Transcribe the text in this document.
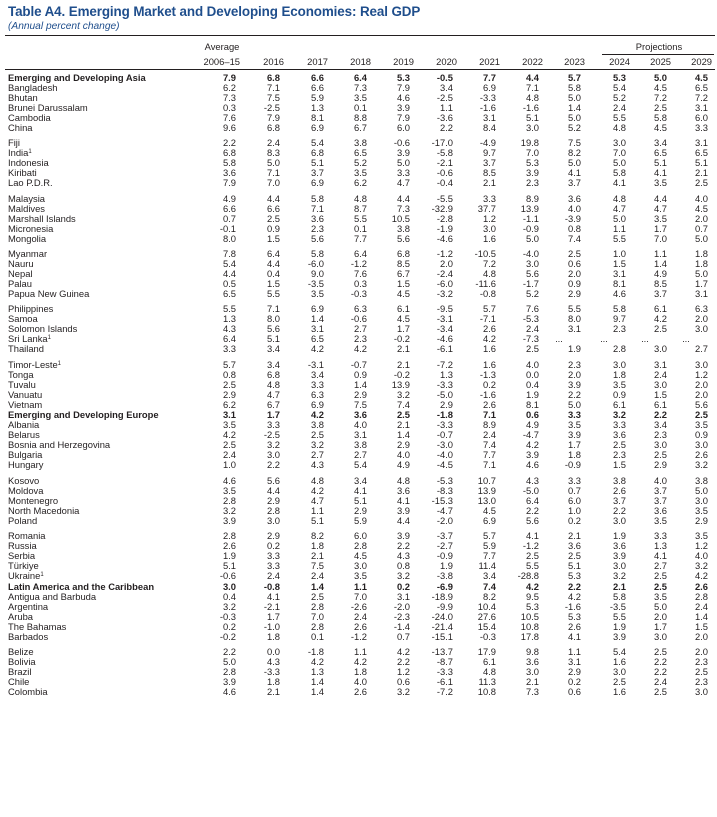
Table A4. Emerging Market and Developing Economies: Real GDP
(Annual percent change)
Average	Projections
2006–15	2016	2017	2018	2019	2020	2021	2022	2023	2024	2025	2029
Emerging and Developing Asia	7.9	6.8	6.6	6.4	5.3	-0.5	7.7	4.4	5.7	5.3	5.0	4.5
Bangladesh	6.2	7.1	6.6	7.3	7.9	3.4	6.9	7.1	5.8	5.4	4.5	6.5
Bhutan	7.3	7.5	5.9	3.5	4.6	-2.5	-3.3	4.8	5.0	5.2	7.2	7.2
Brunei Darussalam	0.3	-2.5	1.3	0.1	3.9	1.1	-1.6	-1.6	1.4	2.4	2.5	3.1
Cambodia	7.6	7.9	8.1	8.8	7.9	-3.6	3.1	5.1	5.0	5.5	5.8	6.0
China	9.6	6.8	6.9	6.7	6.0	2.2	8.4	3.0	5.2	4.8	4.5	3.3
Fiji	2.2	2.4	5.4	3.8	-0.6	-17.0	-4.9	19.8	7.5	3.0	3.4	3.1
India$^1$	6.8	8.3	6.8	6.5	3.9	-5.8	9.7	7.0	8.2	7.0	6.5	6.5
Indonesia	5.8	5.0	5.1	5.2	5.0	-2.1	3.7	5.3	5.0	5.0	5.1	5.1
Kiribati	3.6	7.1	3.7	3.5	3.3	-0.6	8.5	3.9	4.1	5.8	4.1	2.1
Lao P.D.R.	7.9	7.0	6.9	6.2	4.7	-0.4	2.1	2.3	3.7	4.1	3.5	2.5
Malaysia	4.9	4.4	5.8	4.8	4.4	-5.5	3.3	8.9	3.6	4.8	4.4	4.0
Maldives	6.6	6.6	7.1	8.7	7.3	-32.9	37.7	13.9	4.0	4.7	4.7	4.5
Marshall Islands	0.7	2.5	3.6	5.5	10.5	-2.8	1.2	-1.1	-3.9	5.0	3.5	2.0
Micronesia	-0.1	0.9	2.3	0.1	3.8	-1.9	3.0	-0.9	0.8	1.1	1.7	0.7
Mongolia	8.0	1.5	5.6	7.7	5.6	-4.6	1.6	5.0	7.4	5.5	7.0	5.0
Myanmar	7.8	6.4	5.8	6.4	6.8	-1.2	-10.5	-4.0	2.5	1.0	1.1	1.8
Nauru	5.4	4.4	-6.0	-1.2	8.5	2.0	7.2	3.0	0.6	1.5	1.4	1.8
Nepal	4.4	0.4	9.0	7.6	6.7	-2.4	4.8	5.6	2.0	3.1	4.9	5.0
Palau	0.5	1.5	-3.5	0.3	1.5	-6.0	-11.6	-1.7	0.9	8.1	8.5	1.7
Papua New Guinea	6.5	5.5	3.5	-0.3	4.5	-3.2	-0.8	5.2	2.9	4.6	3.7	3.1
Philippines	5.5	7.1	6.9	6.3	6.1	-9.5	5.7	7.6	5.5	5.8	6.1	6.3
Samoa	1.3	8.0	1.4	-0.6	4.5	-3.1	-7.1	-5.3	8.0	9.7	4.2	2.0
Solomon Islands	4.3	5.6	3.1	2.7	1.7	-3.4	2.6	2.4	3.1	2.3	2.5	3.0
Sri Lanka$^1$	6.4	5.1	6.5	2.3	-0.2	-4.6	4.2	-7.3	...	...	...	...
Thailand	3.3	3.4	4.2	4.2	2.1	-6.1	1.6	2.5	1.9	2.8	3.0	2.7
Timor-Leste$^1$	5.7	3.4	-3.1	-0.7	2.1	-7.2	1.6	4.0	2.3	3.0	3.1	3.0
Tonga	0.8	6.8	3.4	0.9	-0.2	1.3	-1.3	0.0	2.0	1.8	2.4	1.2
Tuvalu	2.5	4.8	3.3	1.4	13.9	-3.3	0.2	0.4	3.9	3.5	3.0	2.0
Vanuatu	2.9	4.7	6.3	2.9	3.2	-5.0	-1.6	1.9	2.2	0.9	1.5	2.0
Vietnam	6.2	6.7	6.9	7.5	7.4	2.9	2.6	8.1	5.0	6.1	6.1	5.6
Emerging and Developing Europe	3.1	1.7	4.2	3.6	2.5	-1.8	7.1	0.6	3.3	3.2	2.2	2.5
Albania	3.5	3.3	3.8	4.0	2.1	-3.3	8.9	4.9	3.5	3.3	3.4	3.5
Belarus	4.2	-2.5	2.5	3.1	1.4	-0.7	2.4	-4.7	3.9	3.6	2.3	0.9
Bosnia and Herzegovina	2.5	3.2	3.2	3.8	2.9	-3.0	7.4	4.2	1.7	2.5	3.0	3.0
Bulgaria	2.4	3.0	2.7	2.7	4.0	-4.0	7.7	3.9	1.8	2.3	2.5	2.6
Hungary	1.0	2.2	4.3	5.4	4.9	-4.5	7.1	4.6	-0.9	1.5	2.9	3.2
Kosovo	4.6	5.6	4.8	3.4	4.8	-5.3	10.7	4.3	3.3	3.8	4.0	3.8
Moldova	3.5	4.4	4.2	4.1	3.6	-8.3	13.9	-5.0	0.7	2.6	3.7	5.0
Montenegro	2.8	2.9	4.7	5.1	4.1	-15.3	13.0	6.4	6.0	3.7	3.7	3.0
North Macedonia	3.2	2.8	1.1	2.9	3.9	-4.7	4.5	2.2	1.0	2.2	3.6	3.5
Poland	3.9	3.0	5.1	5.9	4.4	-2.0	6.9	5.6	0.2	3.0	3.5	2.9
Romania	2.8	2.9	8.2	6.0	3.9	-3.7	5.7	4.1	2.1	1.9	3.3	3.5
Russia	2.6	0.2	1.8	2.8	2.2	-2.7	5.9	-1.2	3.6	3.6	1.3	1.2
Serbia	1.9	3.3	2.1	4.5	4.3	-0.9	7.7	2.5	2.5	3.9	4.1	4.0
Türkiye	5.1	3.3	7.5	3.0	0.8	1.9	11.4	5.5	5.1	3.0	2.7	3.2
Ukraine$^1$	-0.6	2.4	2.4	3.5	3.2	-3.8	3.4	-28.8	5.3	3.2	2.5	4.2
Latin America and the Caribbean	3.0	-0.8	1.4	1.1	0.2	-6.9	7.4	4.2	2.2	2.1	2.5	2.6
Antigua and Barbuda	0.4	4.1	2.5	7.0	3.1	-18.9	8.2	9.5	4.2	5.8	3.5	2.8
Argentina	3.2	-2.1	2.8	-2.6	-2.0	-9.9	10.4	5.3	-1.6	-3.5	5.0	2.4
Aruba	-0.3	1.7	7.0	2.4	-2.3	-24.0	27.6	10.5	5.3	5.5	2.0	1.4
The Bahamas	0.2	-1.0	2.8	2.6	-1.4	-21.4	15.4	10.8	2.6	1.9	1.7	1.5
Barbados	-0.2	1.8	0.1	-1.2	0.7	-15.1	-0.3	17.8	4.1	3.9	3.0	2.0
Belize	2.2	0.0	-1.8	1.1	4.2	-13.7	17.9	9.8	1.1	5.4	2.5	2.0
Bolivia	5.0	4.3	4.2	4.2	2.2	-8.7	6.1	3.6	3.1	1.6	2.2	2.3
Brazil	2.8	-3.3	1.3	1.8	1.2	-3.3	4.8	3.0	2.9	3.0	2.2	2.5
Chile	3.9	1.8	1.4	4.0	0.6	-6.1	11.3	2.1	0.2	2.5	2.4	2.3
Colombia	4.6	2.1	1.4	2.6	3.2	-7.2	10.8	7.3	0.6	1.6	2.5	3.0
